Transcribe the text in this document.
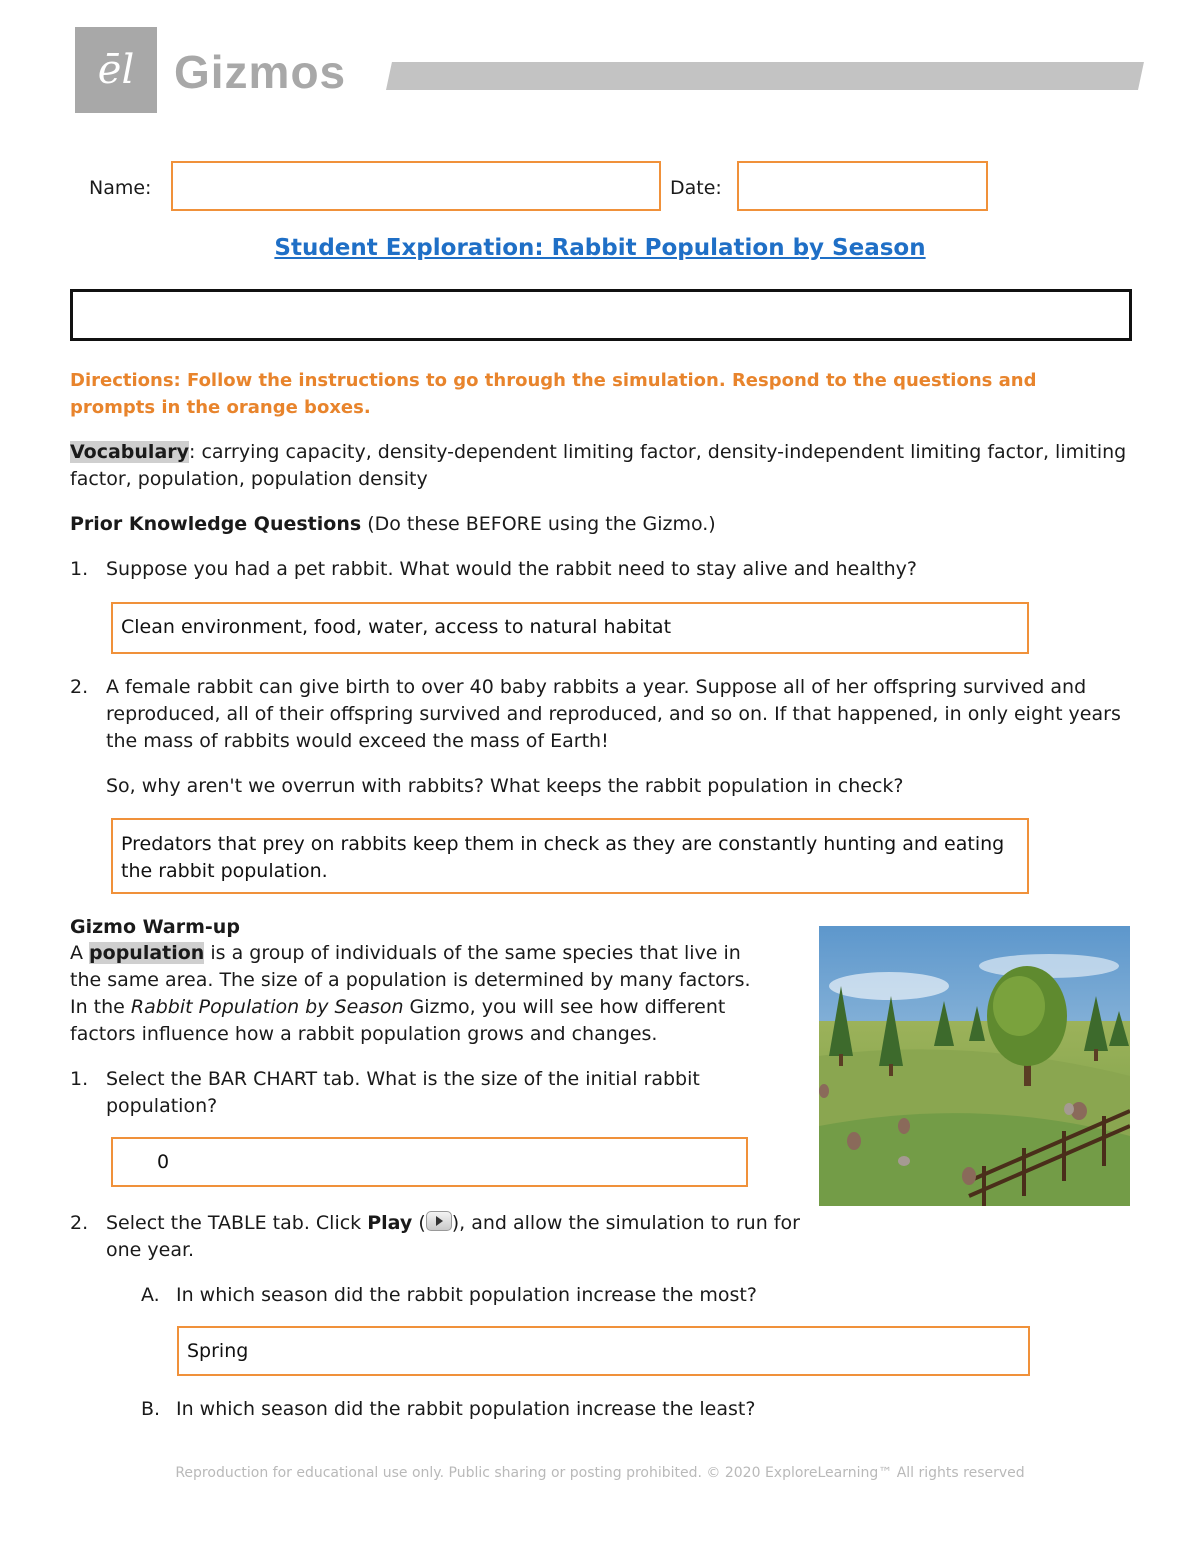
ēl Gizmos
Name:	Date:
Student Exploration: Rabbit Population by Season
Directions: Follow the instructions to go through the simulation. Respond to the questions and prompts in the orange boxes.
Vocabulary: carrying capacity, density-dependent limiting factor, density-independent limiting factor, limiting factor, population, population density
Prior Knowledge Questions (Do these BEFORE using the Gizmo.)
1. Suppose you had a pet rabbit. What would the rabbit need to stay alive and healthy?
Clean environment, food, water, access to natural habitat
2. A female rabbit can give birth to over 40 baby rabbits a year. Suppose all of her offspring survived and reproduced, all of their offspring survived and reproduced, and so on. If that happened, in only eight years the mass of rabbits would exceed the mass of Earth!
So, why aren't we overrun with rabbits? What keeps the rabbit population in check?
Predators that prey on rabbits keep them in check as they are constantly hunting and eating the rabbit population.
Gizmo Warm-up
A population is a group of individuals of the same species that live in the same area. The size of a population is determined by many factors. In the Rabbit Population by Season Gizmo, you will see how different factors influence how a rabbit population grows and changes.
1. Select the BAR CHART tab. What is the size of the initial rabbit population?
0
2. Select the TABLE tab. Click Play ( ), and allow the simulation to run for one year.
A. In which season did the rabbit population increase the most?
Spring
B. In which season did the rabbit population increase the least?
Reproduction for educational use only. Public sharing or posting prohibited. © 2020 ExploreLearning™ All rights reserved
